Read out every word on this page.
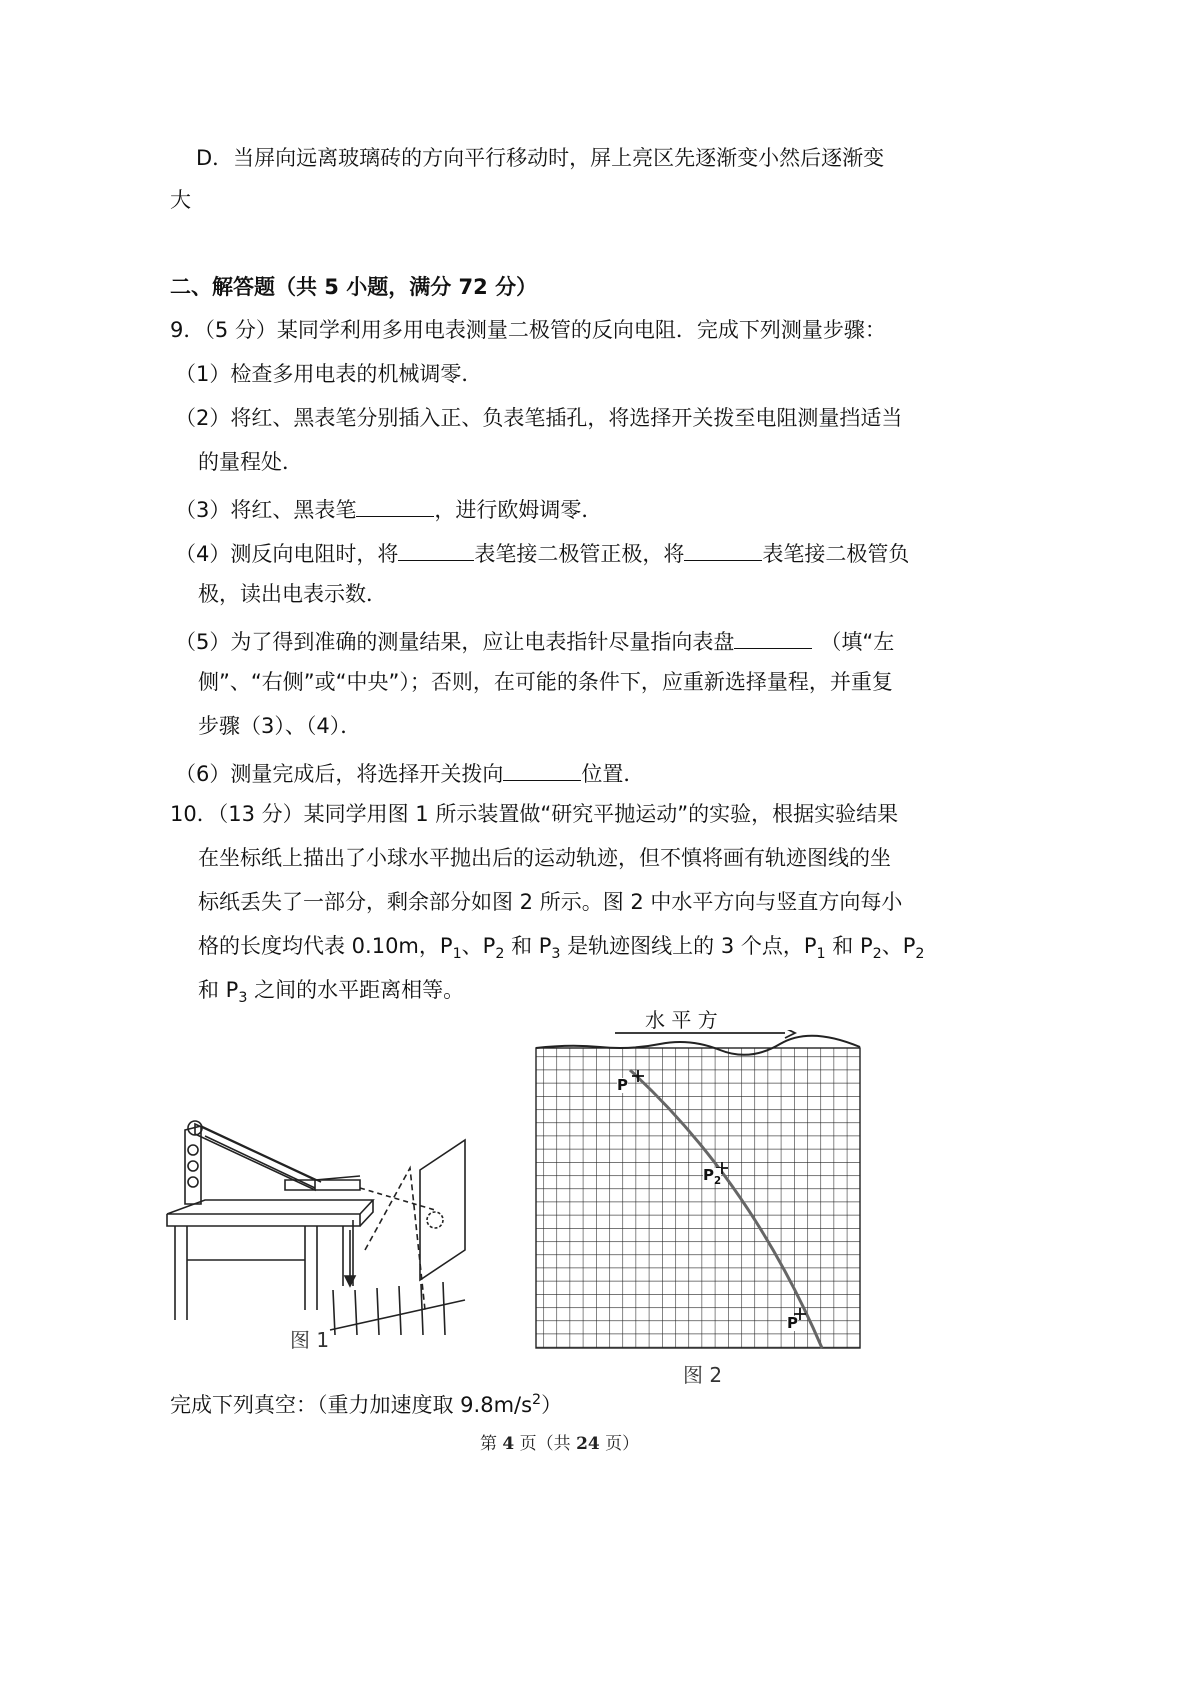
D．当屏向远离玻璃砖的方向平行移动时，屏上亮区先逐渐变小然后逐渐变
大
二、解答题（共 5 小题，满分 72 分）
9．（5 分）某同学利用多用电表测量二极管的反向电阻．完成下列测量步骤：
（1）检查多用电表的机械调零．
（2）将红、黑表笔分别插入正、负表笔插孔，将选择开关拨至电阻测量挡适当
的量程处．
（3）将红、黑表笔	，进行欧姆调零．
（4）测反向电阻时，将	表笔接二极管正极，将	表笔接二极管负
极，读出电表示数．
（5）为了得到准确的测量结果，应让电表指针尽量指向表盘	（填“左
侧”、“右侧”或“中央”）；否则，在可能的条件下，应重新选择量程，并重复
步骤（3）、（4）．
（6）测量完成后，将选择开关拨向	位置．
10．（13 分）某同学用图 1 所示装置做“研究平抛运动”的实验，根据实验结果
在坐标纸上描出了小球水平抛出后的运动轨迹，但不慎将画有轨迹图线的坐
标纸丢失了一部分，剩余部分如图 2 所示。图 2 中水平方向与竖直方向每小
格的长度均代表 0.10m，$P_1$、$P_2$ 和 $P_3$ 是轨迹图线上的 3 个点，$P_1$ 和 $P_2$、$P_2$
和 $P_3$ 之间的水平距离相等。
图 1
水 平 方
P
$P_2$
P
图 2
完成下列真空：（重力加速度取 $9.8m/s^2$）
第 4 页（共 24 页）
